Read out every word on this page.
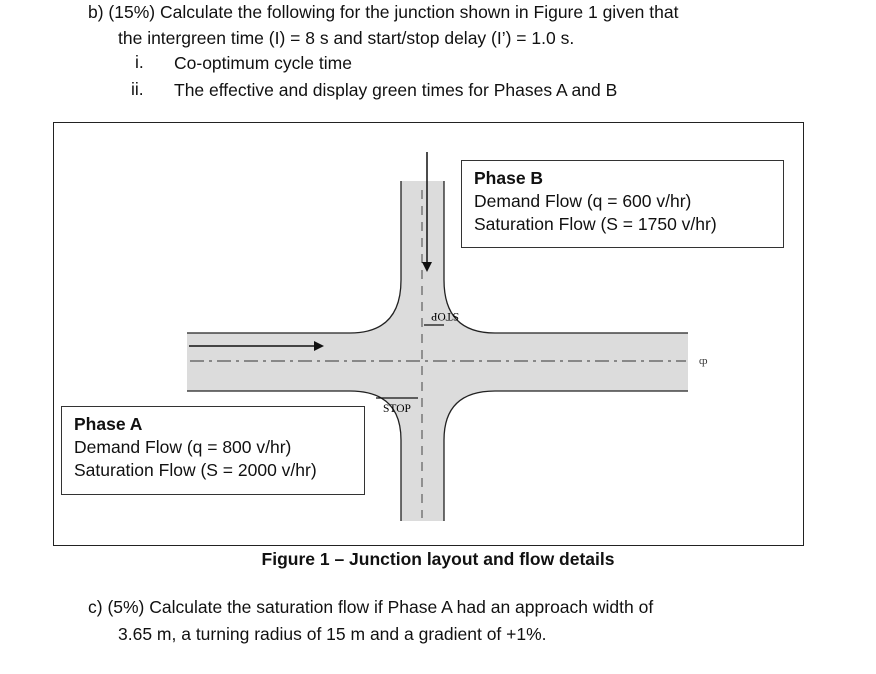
b) (15%) Calculate the following for the junction shown in Figure 1 given that
the intergreen time (I) = 8 s and start/stop delay (I’) = 1.0 s.
i. Co-optimum cycle time
ii. The effective and display green times for Phases A and B
STOP
STOP
ȹ
Phase B
Demand Flow (q = 600 v/hr)
Saturation Flow (S = 1750 v/hr)
Phase A
Demand Flow (q = 800 v/hr)
Saturation Flow (S = 2000 v/hr)
Figure 1 – Junction layout and flow details
c) (5%) Calculate the saturation flow if Phase A had an approach width of
3.65 m, a turning radius of 15 m and a gradient of +1%.
